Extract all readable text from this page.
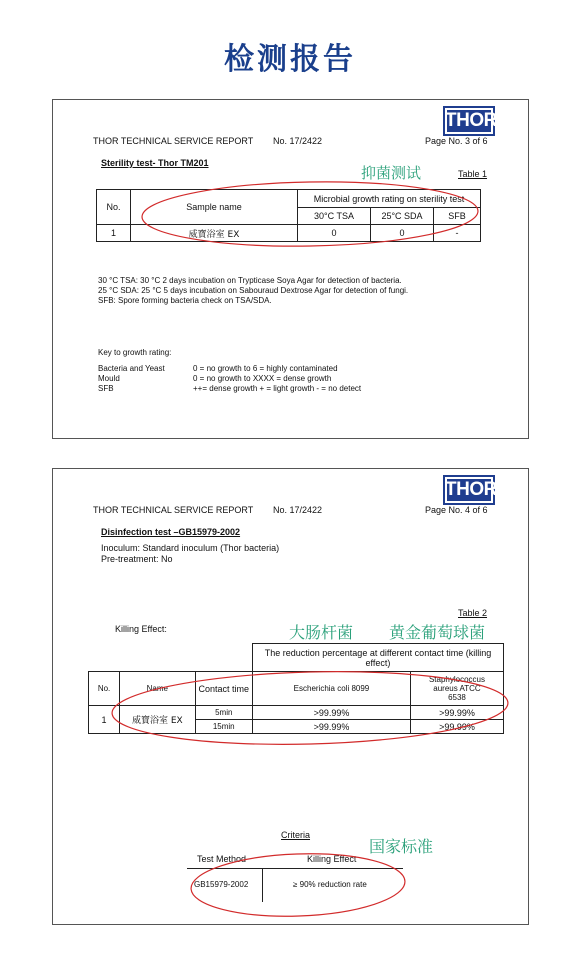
检测报告
THOR
THOR TECHNICAL SERVICE REPORT No. 17/2422	Page No. 3 of 6
Sterility test- Thor TM201
抑菌测试	Table 1
No.	Sample name	Microbial growth rating on sterility test		
		30°C TSA	25°C SDA	SFB
1	威寶浴室 EX	0	0	-
30 °C TSA: 30 °C 2 days incubation on Trypticase Soya Agar for detection of bacteria.
25 °C SDA: 25 °C 5 days incubation on Sabouraud Dextrose Agar for detection of fungi.
SFB: Spore forming bacteria check on TSA/SDA.
Key to growth rating:
Bacteria and Yeast	0 = no growth to 6 = highly contaminated
Mould	0 = no growth to XXXX = dense growth
SFB	++= dense growth + = light growth - = no detect
THOR
THOR TECHNICAL SERVICE REPORT No. 17/2422	Page No. 4 of 6
Disinfection test –GB15979-2002
Inoculum: Standard inoculum (Thor bacteria)
Pre-treatment: No
Table 2
Killing Effect:	大肠杆菌 黄金葡萄球菌
			The reduction percentage at different contact time (killing effect)	
No.	Name	Contact time	Escherichia coli 8099	Staphylococcus aureus ATCC 6538
1	威寶浴室 EX	5min	>99.99%	>99.99%
		15min	>99.99%	>99.99%
Criteria
国家标准
Test Method	Killing Effect
GB15979-2002	≥ 90% reduction rate
